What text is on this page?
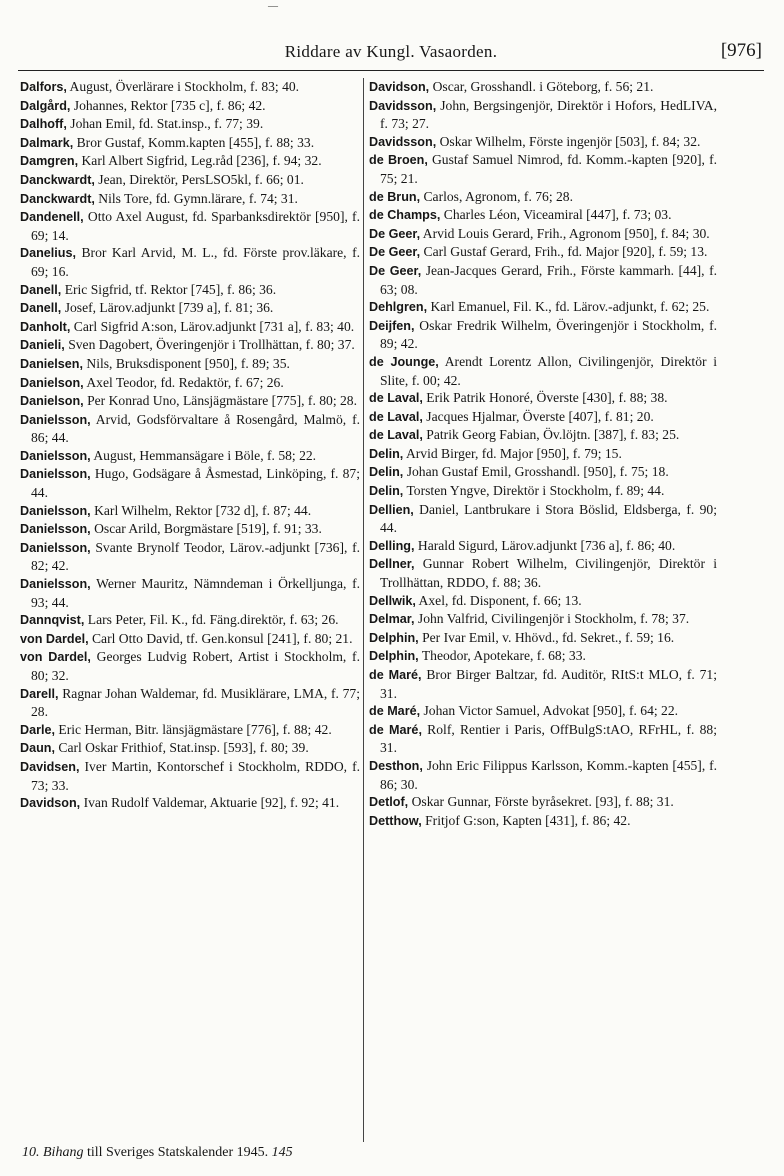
—
Riddare av Kungl. Vasaorden.	[976]
Dalfors, August, Överlärare i Stockholm, f. 83; 40.
Dalgård, Johannes, Rektor [735 c], f. 86; 42.
Dalhoff, Johan Emil, fd. Stat.insp., f. 77; 39.
Dalmark, Bror Gustaf, Komm.kapten [455], f. 88; 33.
Damgren, Karl Albert Sigfrid, Leg.råd [236], f. 94; 32.
Danckwardt, Jean, Direktör, PersLSO5kl, f. 66; 01.
Danckwardt, Nils Tore, fd. Gymn.lärare, f. 74; 31.
Dandenell, Otto Axel August, fd. Sparbanksdirektör [950], f. 69; 14.
Danelius, Bror Karl Arvid, M. L., fd. Förste prov.läkare, f. 69; 16.
Danell, Eric Sigfrid, tf. Rektor [745], f. 86; 36.
Danell, Josef, Lärov.adjunkt [739 a], f. 81; 36.
Danholt, Carl Sigfrid A:son, Lärov.adjunkt [731 a], f. 83; 40.
Danieli, Sven Dagobert, Överingenjör i Trollhättan, f. 80; 37.
Danielsen, Nils, Bruksdisponent [950], f. 89; 35.
Danielson, Axel Teodor, fd. Redaktör, f. 67; 26.
Danielson, Per Konrad Uno, Länsjägmästare [775], f. 80; 28.
Danielsson, Arvid, Godsförvaltare å Rosengård, Malmö, f. 86; 44.
Danielsson, August, Hemmansägare i Böle, f. 58; 22.
Danielsson, Hugo, Godsägare å Åsmestad, Linköping, f. 87; 44.
Danielsson, Karl Wilhelm, Rektor [732 d], f. 87; 44.
Danielsson, Oscar Arild, Borgmästare [519], f. 91; 33.
Danielsson, Svante Brynolf Teodor, Lärov.-adjunkt [736], f. 82; 42.
Danielsson, Werner Mauritz, Nämndeman i Örkelljunga, f. 93; 44.
Dannqvist, Lars Peter, Fil. K., fd. Fäng.direktör, f. 63; 26.
von Dardel, Carl Otto David, tf. Gen.konsul [241], f. 80; 21.
von Dardel, Georges Ludvig Robert, Artist i Stockholm, f. 80; 32.
Darell, Ragnar Johan Waldemar, fd. Musiklärare, LMA, f. 77; 28.
Darle, Eric Herman, Bitr. länsjägmästare [776], f. 88; 42.
Daun, Carl Oskar Frithiof, Stat.insp. [593], f. 80; 39.
Davidsen, Iver Martin, Kontorschef i Stockholm, RDDO, f. 73; 33.
Davidson, Ivan Rudolf Valdemar, Aktuarie [92], f. 92; 41.
Davidson, Oscar, Grosshandl. i Göteborg, f. 56; 21.
Davidsson, John, Bergsingenjör, Direktör i Hofors, HedLIVA, f. 73; 27.
Davidsson, Oskar Wilhelm, Förste ingenjör [503], f. 84; 32.
de Broen, Gustaf Samuel Nimrod, fd. Komm.-kapten [920], f. 75; 21.
de Brun, Carlos, Agronom, f. 76; 28.
de Champs, Charles Léon, Viceamiral [447], f. 73; 03.
De Geer, Arvid Louis Gerard, Frih., Agronom [950], f. 84; 30.
De Geer, Carl Gustaf Gerard, Frih., fd. Major [920], f. 59; 13.
De Geer, Jean-Jacques Gerard, Frih., Förste kammarh. [44], f. 63; 08.
Dehlgren, Karl Emanuel, Fil. K., fd. Lärov.-adjunkt, f. 62; 25.
Deijfen, Oskar Fredrik Wilhelm, Överingenjör i Stockholm, f. 89; 42.
de Jounge, Arendt Lorentz Allon, Civilingenjör, Direktör i Slite, f. 00; 42.
de Laval, Erik Patrik Honoré, Överste [430], f. 88; 38.
de Laval, Jacques Hjalmar, Överste [407], f. 81; 20.
de Laval, Patrik Georg Fabian, Öv.löjtn. [387], f. 83; 25.
Delin, Arvid Birger, fd. Major [950], f. 79; 15.
Delin, Johan Gustaf Emil, Grosshandl. [950], f. 75; 18.
Delin, Torsten Yngve, Direktör i Stockholm, f. 89; 44.
Dellien, Daniel, Lantbrukare i Stora Böslid, Eldsberga, f. 90; 44.
Delling, Harald Sigurd, Lärov.adjunkt [736 a], f. 86; 40.
Dellner, Gunnar Robert Wilhelm, Civilingenjör, Direktör i Trollhättan, RDDO, f. 88; 36.
Dellwik, Axel, fd. Disponent, f. 66; 13.
Delmar, John Valfrid, Civilingenjör i Stockholm, f. 78; 37.
Delphin, Per Ivar Emil, v. Hhövd., fd. Sekret., f. 59; 16.
Delphin, Theodor, Apotekare, f. 68; 33.
de Maré, Bror Birger Baltzar, fd. Auditör, RItS:t MLO, f. 71; 31.
de Maré, Johan Victor Samuel, Advokat [950], f. 64; 22.
de Maré, Rolf, Rentier i Paris, OffBulgS:tAO, RFrHL, f. 88; 31.
Desthon, John Eric Filippus Karlsson, Komm.-kapten [455], f. 86; 30.
Detlof, Oskar Gunnar, Förste byråsekret. [93], f. 88; 31.
Detthow, Fritjof G:son, Kapten [431], f. 86; 42.
10. Bihang till Sveriges Statskalender 1945. 145
